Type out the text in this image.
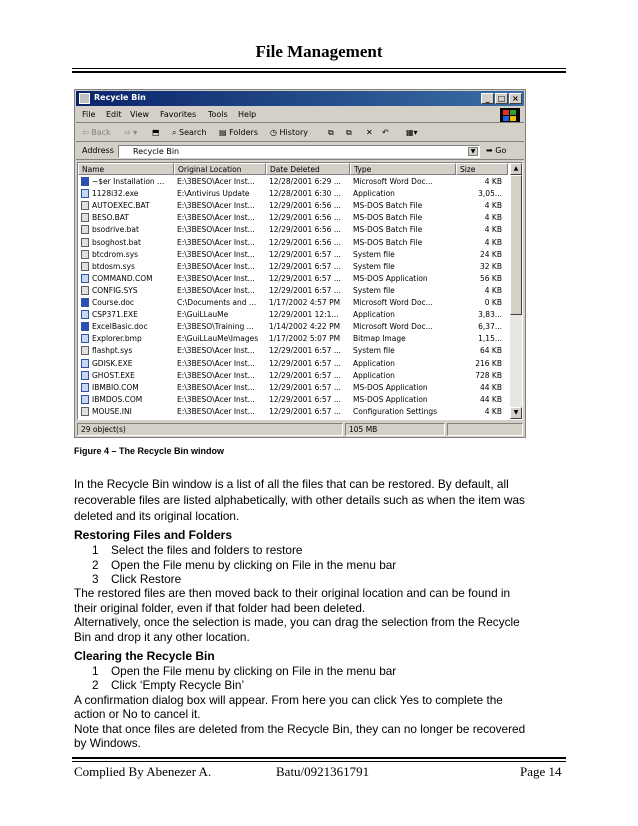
File Management
Recycle Bin	_	□ ×
File Edit View Favorites Tools Help
⇦ Back ⇨ ▾ ⬒ ⌕ Search ▤ Folders ◷ History	⧉ ⧉ ✕ ↶ ▦▾
Address	Recycle Bin	▼	➡ Go
Name	Original Location	Date Deleted	Type	Size
~$er Installation ...	E:\3BESO\Acer Inst...	12/28/2001 6:29 ...	Microsoft Word Doc...	4 KB
1128i32.exe	E:\Antivirus Update	12/28/2001 6:30 ...	Application	3,05...
AUTOEXEC.BAT	E:\3BESO\Acer Inst...	12/29/2001 6:56 ...	MS-DOS Batch File	4 KB
BESO.BAT	E:\3BESO\Acer Inst...	12/29/2001 6:56 ...	MS-DOS Batch File	4 KB
bsodrive.bat	E:\3BESO\Acer Inst...	12/29/2001 6:56 ...	MS-DOS Batch File	4 KB
bsoghost.bat	E:\3BESO\Acer Inst...	12/29/2001 6:56 ...	MS-DOS Batch File	4 KB
btcdrom.sys	E:\3BESO\Acer Inst...	12/29/2001 6:57 ...	System file	24 KB
btdosm.sys	E:\3BESO\Acer Inst...	12/29/2001 6:57 ...	System file	32 KB
COMMAND.COM	E:\3BESO\Acer Inst...	12/29/2001 6:57 ...	MS-DOS Application	56 KB
CONFIG.SYS	E:\3BESO\Acer Inst...	12/29/2001 6:57 ...	System file	4 KB
Course.doc	C:\Documents and ...	1/17/2002 4:57 PM	Microsoft Word Doc...	0 KB
CSP371.EXE	E:\GuiLLauMe	12/29/2001 12:1...	Application	3,83...
ExcelBasic.doc	E:\3BESO\Training ...	1/14/2002 4:22 PM	Microsoft Word Doc...	6,37...
Explorer.bmp	E:\GuiLLauMe\Images	1/17/2002 5:07 PM	Bitmap Image	1,15...
flashpt.sys	E:\3BESO\Acer Inst...	12/29/2001 6:57 ...	System file	64 KB
GDISK.EXE	E:\3BESO\Acer Inst...	12/29/2001 6:57 ...	Application	216 KB
GHOST.EXE	E:\3BESO\Acer Inst...	12/29/2001 6:57 ...	Application	728 KB
IBMBIO.COM	E:\3BESO\Acer Inst...	12/29/2001 6:57 ...	MS-DOS Application	44 KB
IBMDOS.COM	E:\3BESO\Acer Inst...	12/29/2001 6:57 ...	MS-DOS Application	44 KB
MOUSE.INI	E:\3BESO\Acer Inst...	12/29/2001 6:57 ...	Configuration Settings	4 KB
▲
▼
29 object(s)	105 MB
Figure 4 – The Recycle Bin window
In the Recycle Bin window is a list of all the files that can be restored. By default, all
recoverable files are listed alphabetically, with other details such as when the item was
deleted and its original location.
Restoring Files and Folders
1 Select the files and folders to restore
2 Open the File menu by clicking on File in the menu bar
3 Click Restore
The restored files are then moved back to their original location and can be found in
their original folder, even if that folder had been deleted.
Alternatively, once the selection is made, you can drag the selection from the Recycle
Bin and drop it any other location.
Clearing the Recycle Bin
1 Open the File menu by clicking on File in the menu bar
2 Click ‘Empty Recycle Bin’
A confirmation dialog box will appear. From here you can click Yes to complete the
action or No to cancel it.
Note that once files are deleted from the Recycle Bin, they can no longer be recovered
by Windows.
Complied By Abenezer A.	Batu/0921361791	Page 14
